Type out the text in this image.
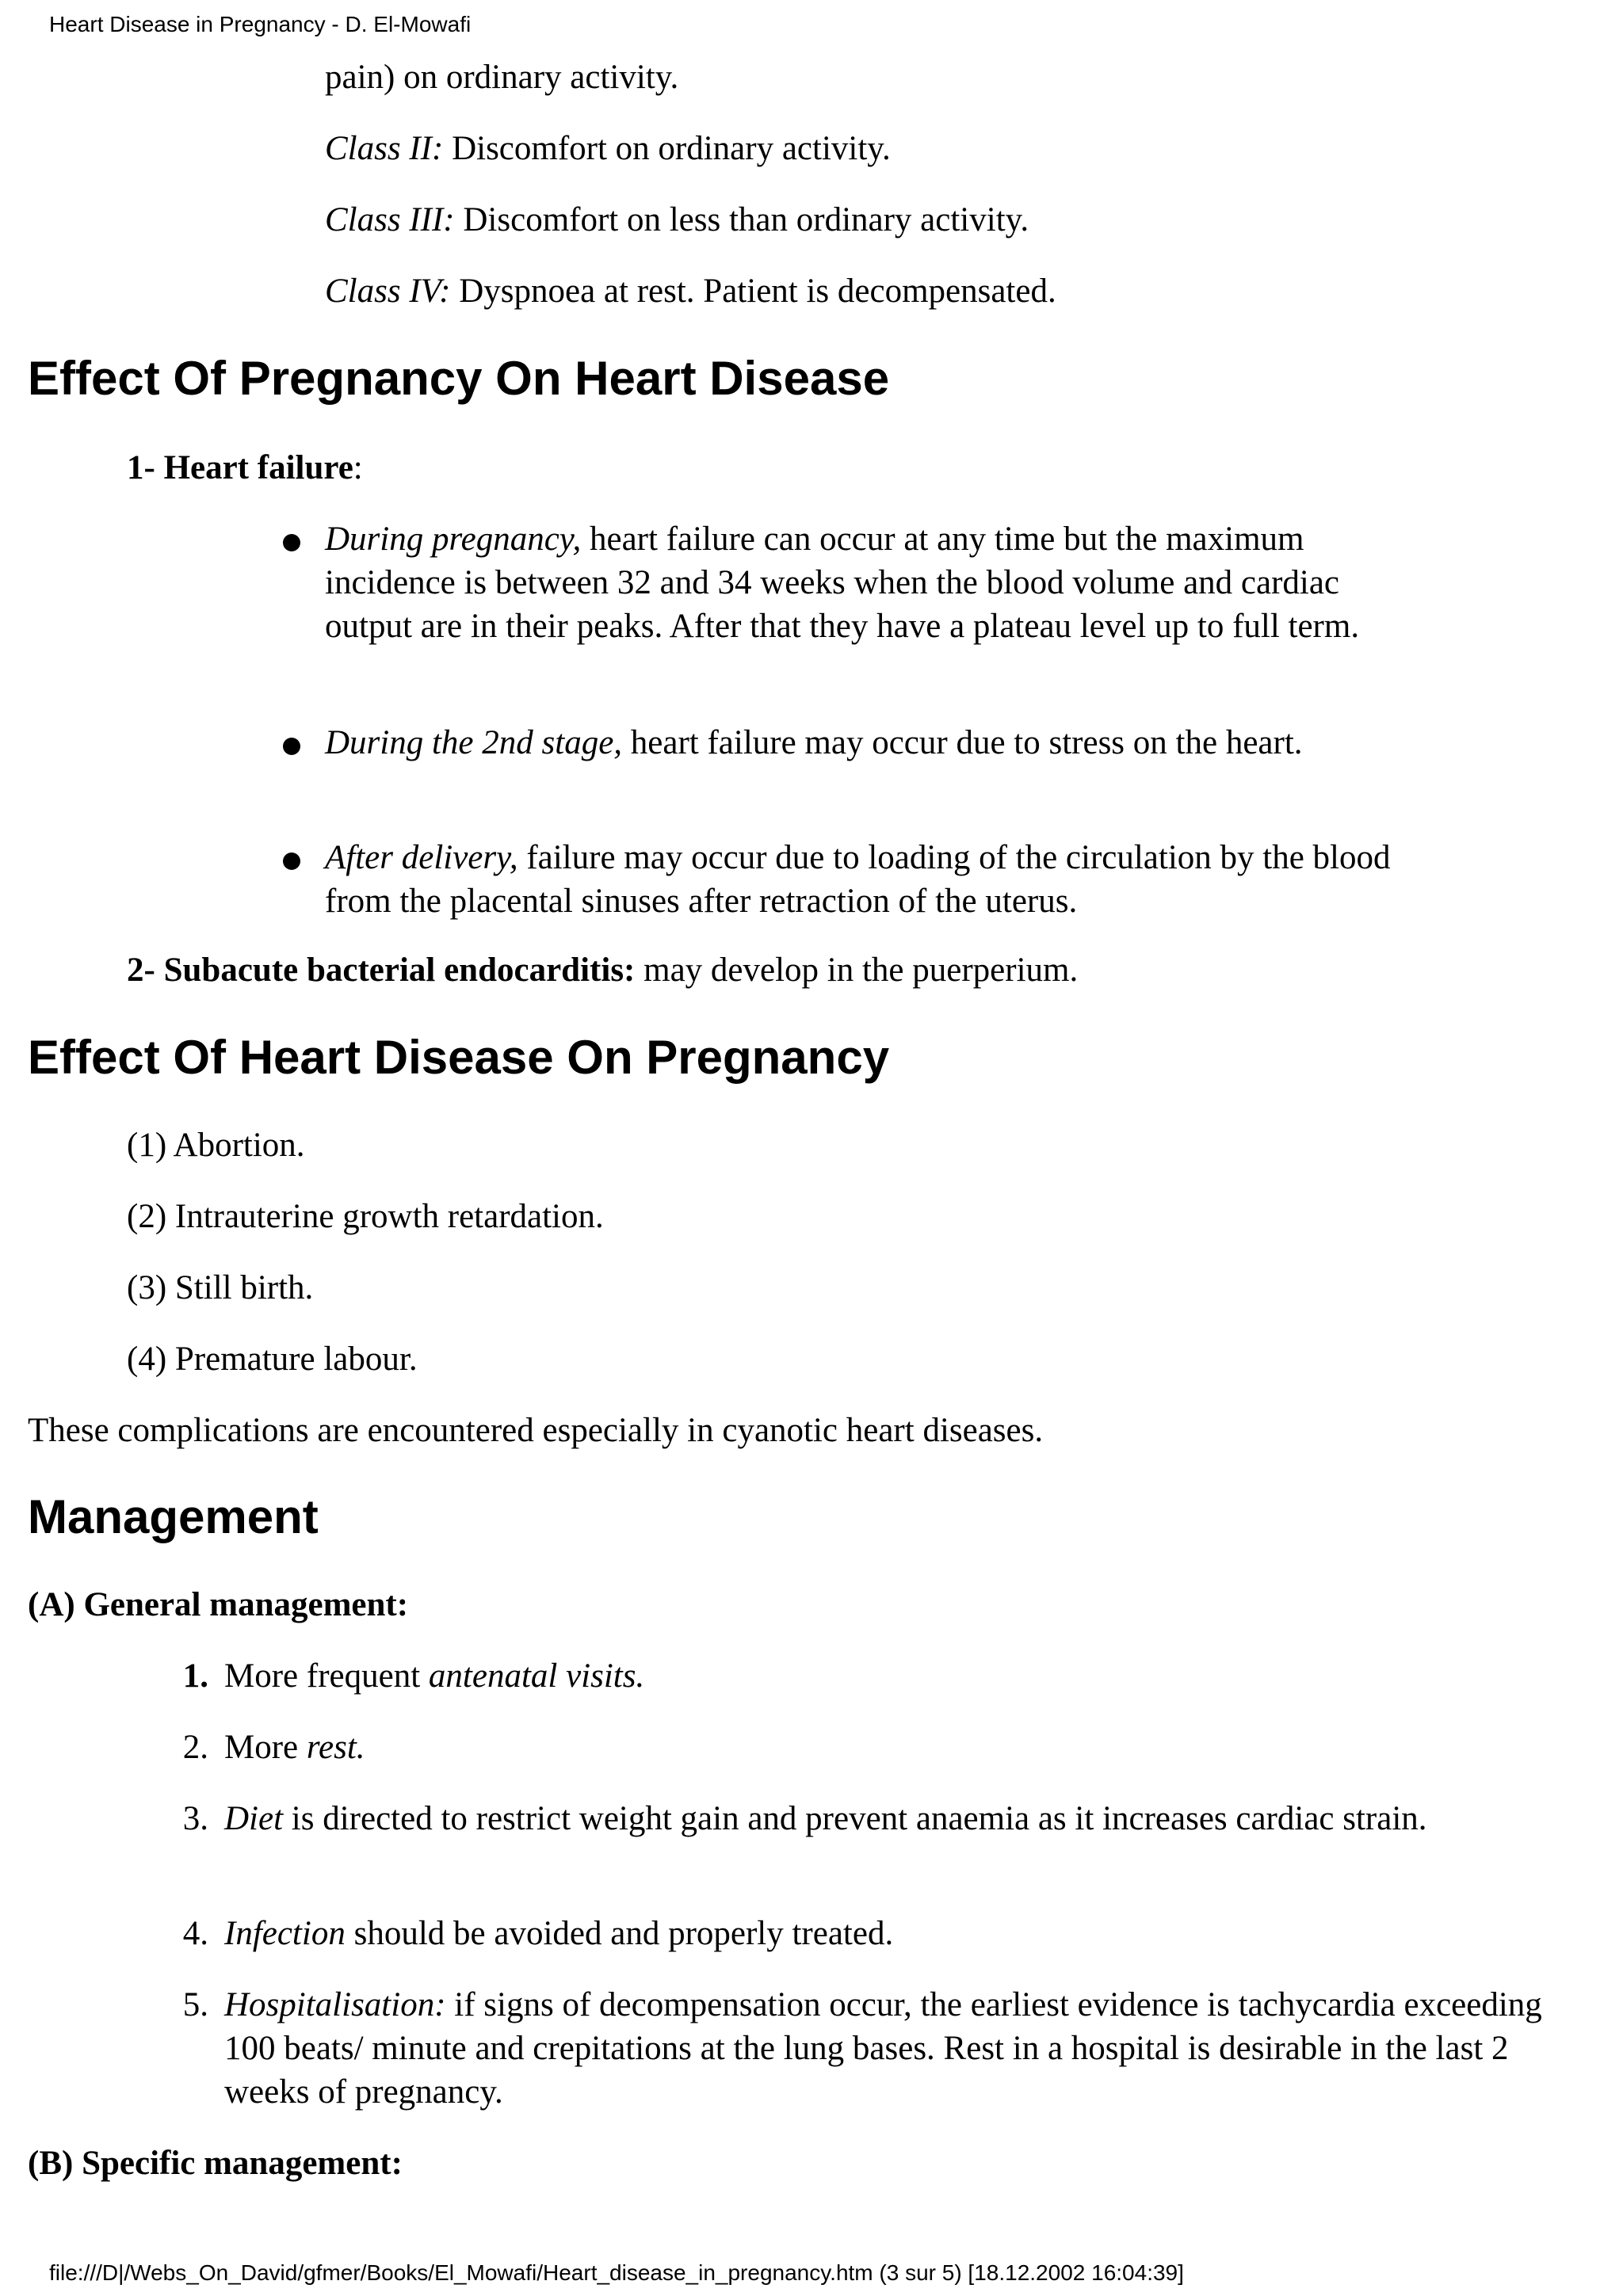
Heart Disease in Pregnancy - D. El-Mowafi

pain) on ordinary activity.

Class II: Discomfort on ordinary activity.

Class III: Discomfort on less than ordinary activity.

Class IV: Dyspnoea at rest. Patient is decompensated.

Effect Of Pregnancy On Heart Disease

1- Heart failure:

During pregnancy, heart failure can occur at any time but the maximum incidence is between 32 and 34 weeks when the blood volume and cardiac output are in their peaks. After that they have a plateau level up to full term.

During the 2nd stage, heart failure may occur due to stress on the heart.

After delivery, failure may occur due to loading of the circulation by the blood from the placental sinuses after retraction of the uterus.

2- Subacute bacterial endocarditis: may develop in the puerperium.

Effect Of Heart Disease On Pregnancy

(1) Abortion.

(2) Intrauterine growth retardation.

(3) Still birth.

(4) Premature labour.

These complications are encountered especially in cyanotic heart diseases.

Management

(A) General management:

1. More frequent antenatal visits.

2. More rest.

3. Diet is directed to restrict weight gain and prevent anaemia as it increases cardiac strain.

4. Infection should be avoided and properly treated.

5. Hospitalisation: if signs of decompensation occur, the earliest evidence is tachycardia exceeding 100 beats/ minute and crepitations at the lung bases. Rest in a hospital is desirable in the last 2 weeks of pregnancy.

(B) Specific management:

file:///D|/Webs_On_David/gfmer/Books/El_Mowafi/Heart_disease_in_pregnancy.htm (3 sur 5) [18.12.2002 16:04:39]
